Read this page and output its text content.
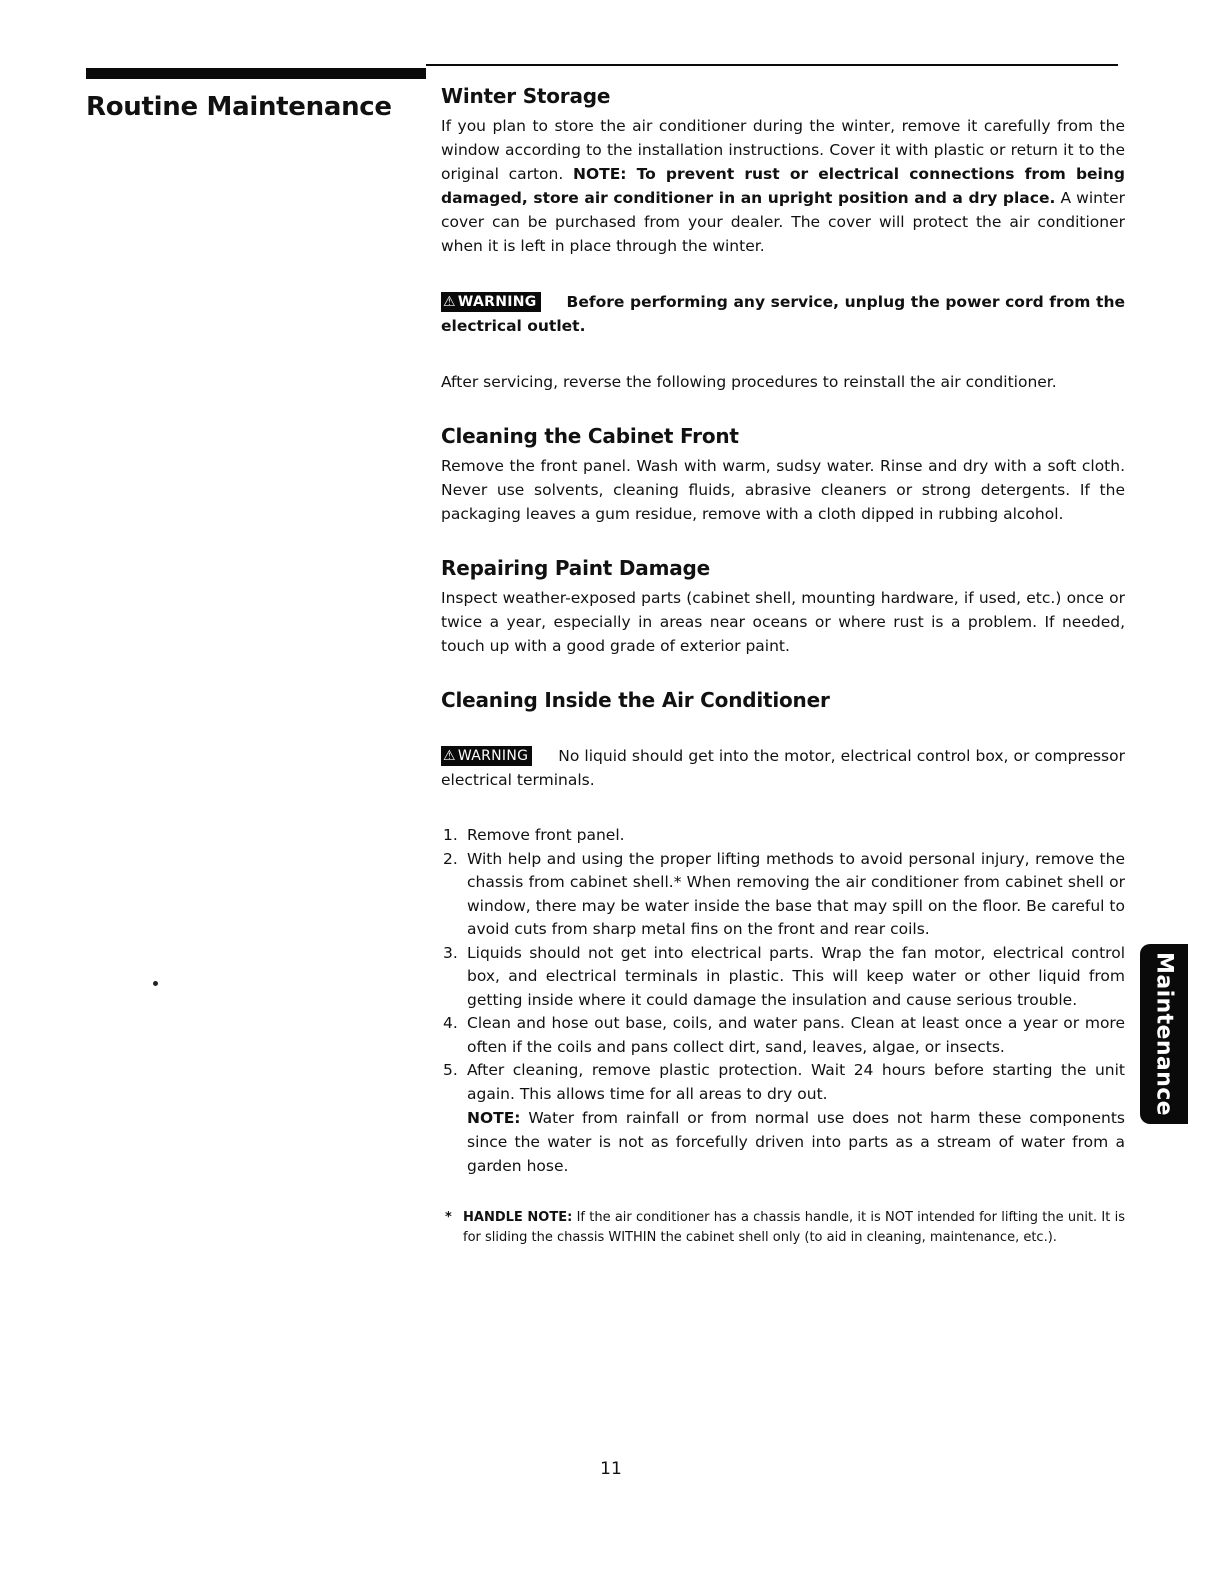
Routine Maintenance Winter Storage

If you plan to store the air conditioner during the winter, remove it carefully from the window according to the installation instructions. Cover it with plastic or return it to the original carton. NOTE: To prevent rust or electrical connections from being damaged, store air conditioner in an upright position and a dry place. A winter cover can be purchased from your dealer. The cover will protect the air conditioner when it is left in place through the winter.

⚠ WARNING Before performing any service, unplug the power cord from the electrical outlet.

After servicing, reverse the following procedures to reinstall the air conditioner.

Cleaning the Cabinet Front

Remove the front panel. Wash with warm, sudsy water. Rinse and dry with a soft cloth. Never use solvents, cleaning fluids, abrasive cleaners or strong detergents. If the packaging leaves a gum residue, remove with a cloth dipped in rubbing alcohol.

Repairing Paint Damage

Inspect weather-exposed parts (cabinet shell, mounting hardware, if used, etc.) once or twice a year, especially in areas near oceans or where rust is a problem. If needed, touch up with a good grade of exterior paint.

Cleaning Inside the Air Conditioner

⚠ WARNING No liquid should get into the motor, electrical control box, or compressor electrical terminals.

1. Remove front panel.
2. With help and using the proper lifting methods to avoid personal injury, remove the chassis from cabinet shell.* When removing the air conditioner from cabinet shell or window, there may be water inside the base that may spill on the floor. Be careful to avoid cuts from sharp metal fins on the front and rear coils.
3. Liquids should not get into electrical parts. Wrap the fan motor, electrical control box, and electrical terminals in plastic. This will keep water or other liquid from getting inside where it could damage the insulation and cause serious trouble.
4. Clean and hose out base, coils, and water pans. Clean at least once a year or more often if the coils and pans collect dirt, sand, leaves, algae, or insects.
5. After cleaning, remove plastic protection. Wait 24 hours before starting the unit again. This allows time for all areas to dry out.

NOTE: Water from rainfall or from normal use does not harm these components since the water is not as forcefully driven into parts as a stream of water from a garden hose.

* HANDLE NOTE: If the air conditioner has a chassis handle, it is NOT intended for lifting the unit. It is for sliding the chassis WITHIN the cabinet shell only (to aid in cleaning, maintenance, etc.).

Maintenance
11
